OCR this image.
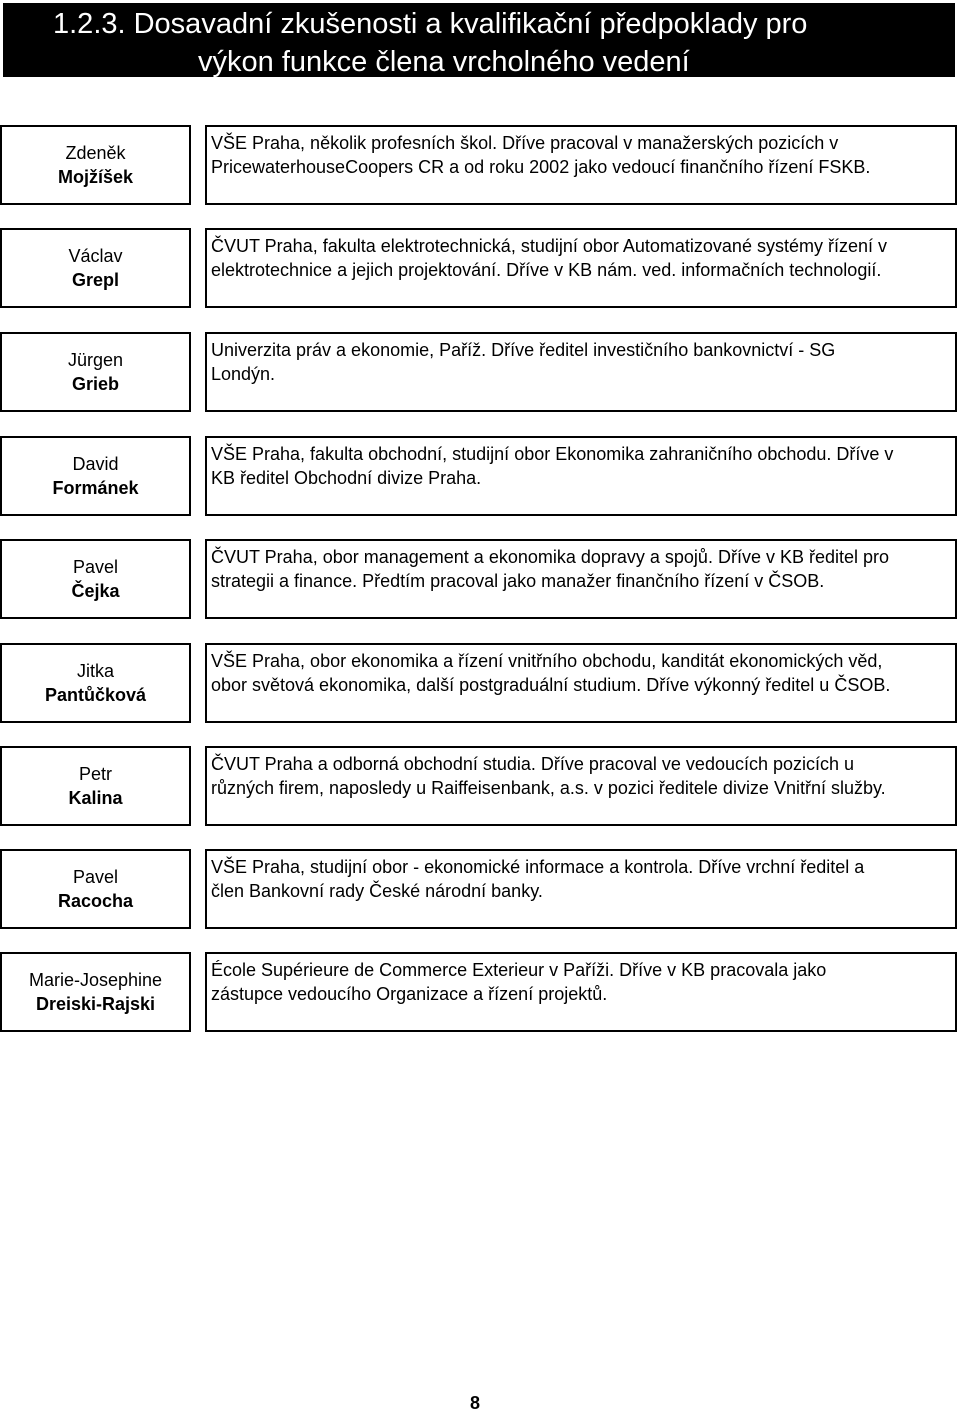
1.2.3. Dosavadní zkušenosti a kvalifikační předpoklady pro
výkon funkce člena vrcholného vedení
Zdeněk
Mojžíšek
VŠE Praha, několik profesních škol. Dříve pracoval v manažerských pozicích v
PricewaterhouseCoopers CR a od roku 2002 jako vedoucí finančního řízení FSKB.
Václav
Grepl
ČVUT Praha, fakulta elektrotechnická, studijní obor Automatizované systémy řízení v
elektrotechnice a jejich projektování. Dříve v KB nám. ved. informačních technologií.
Jürgen
Grieb
Univerzita práv a ekonomie, Paříž. Dříve ředitel investičního bankovnictví - SG
Londýn.
David
Formánek
VŠE Praha, fakulta obchodní, studijní obor Ekonomika zahraničního obchodu. Dříve v
KB ředitel Obchodní divize Praha.
Pavel
Čejka
ČVUT Praha, obor management a ekonomika dopravy a spojů. Dříve v KB ředitel pro
strategii a finance. Předtím pracoval jako manažer finančního řízení v ČSOB.
Jitka
Pantůčková
VŠE Praha, obor ekonomika a řízení vnitřního obchodu, kanditát ekonomických věd,
obor světová ekonomika, další postgraduální studium. Dříve výkonný ředitel u ČSOB.
Petr
Kalina
ČVUT Praha a odborná obchodní studia. Dříve pracoval ve vedoucích pozicích u
různých firem, naposledy u Raiffeisenbank, a.s. v pozici ředitele divize Vnitřní služby.
Pavel
Racocha
VŠE Praha, studijní obor - ekonomické informace a kontrola. Dříve vrchní ředitel a
člen Bankovní rady České národní banky.
Marie-Josephine
Dreiski-Rajski
École Supérieure de Commerce Exterieur v Paříži. Dříve v KB pracovala jako
zástupce vedoucího Organizace a řízení projektů.
8
